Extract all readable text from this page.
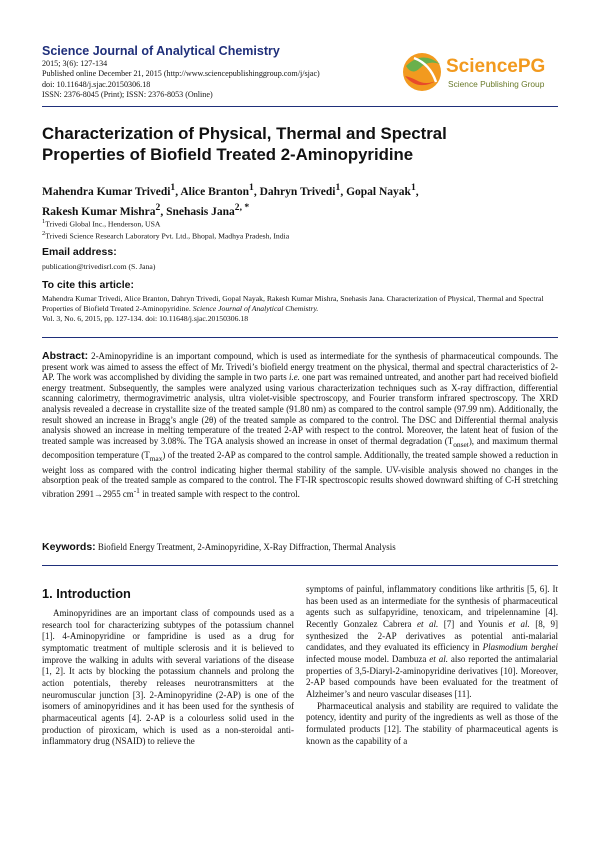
Science Journal of Analytical Chemistry
2015; 3(6): 127-134
Published online December 21, 2015 (http://www.sciencepublishinggroup.com/j/sjac)
doi: 10.11648/j.sjac.20150306.18
ISSN: 2376-8045 (Print); ISSN: 2376-8053 (Online)
SciencePG
Science Publishing Group
Characterization of Physical, Thermal and Spectral
Properties of Biofield Treated 2-Aminopyridine
Mahendra Kumar Trivedi$^1$, Alice Branton$^1$, Dahryn Trivedi$^1$, Gopal Nayak$^1$,
Rakesh Kumar Mishra$^2$, Snehasis Jana$^{2, *}$
$^1$Trivedi Global Inc., Henderson, USA
$^2$Trivedi Science Research Laboratory Pvt. Ltd., Bhopal, Madhya Pradesh, India
Email address:
publication@trivedisrl.com (S. Jana)
To cite this article:
Mahendra Kumar Trivedi, Alice Branton, Dahryn Trivedi, Gopal Nayak, Rakesh Kumar Mishra, Snehasis Jana. Characterization of Physical, Thermal and Spectral Properties of Biofield Treated 2-Aminopyridine. Science Journal of Analytical Chemistry.
Vol. 3, No. 6, 2015, pp. 127-134. doi: 10.11648/j.sjac.20150306.18
Abstract: 2-Aminopyridine is an important compound, which is used as intermediate for the synthesis of pharmaceutical compounds. The present work was aimed to assess the effect of Mr. Trivedi’s biofield energy treatment on the physical, thermal and spectral characteristics of 2-AP. The work was accomplished by dividing the sample in two parts i.e. one part was remained untreated, and another part had received biofield energy treatment. Subsequently, the samples were analyzed using various characterization techniques such as X-ray diffraction, differential scanning calorimetry, thermogravimetric analysis, ultra violet-visible spectroscopy, and Fourier transform infrared spectroscopy. The XRD analysis revealed a decrease in crystallite size of the treated sample (91.80 nm) as compared to the control sample (97.99 nm). Additionally, the result showed an increase in Bragg’s angle (2θ) of the treated sample as compared to the control. The DSC and Differential thermal analysis analysis showed an increase in melting temperature of the treated 2-AP with respect to the control. Moreover, the latent heat of fusion of the treated sample was increased by 3.08%. The TGA analysis showed an increase in onset of thermal degradation $(T_{onset})$, and maximum thermal decomposition temperature $(T_{max})$ of the treated 2-AP as compared to the control sample. Additionally, the treated sample showed a reduction in weight loss as compared with the control indicating higher thermal stability of the sample. UV-visible analysis showed no changes in the absorption peak of the treated sample as compared to the control. The FT-IR spectroscopic results showed downward shifting of C-H stretching vibration 2991→2955 $cm^{-1}$ in treated sample with respect to the control.
Keywords: Biofield Energy Treatment, 2-Aminopyridine, X-Ray Diffraction, Thermal Analysis
1. Introduction

Aminopyridines are an important class of compounds used as a research tool for characterizing subtypes of the potassium channel [1]. 4-Aminopyridine or fampridine is used as a drug for symptomatic treatment of multiple sclerosis and it is believed to improve the walking in adults with several variations of the disease [1, 2]. It acts by blocking the potassium channels and prolong the action potentials, thereby releases neurotransmitters at the neuromuscular junction [3]. 2-Aminopyridine (2-AP) is one of the isomers of aminopyridines and it has been used for the synthesis of pharmaceutical agents [4]. 2-AP is a colourless solid used in the production of piroxicam, which is used as a non-steroidal anti-inflammatory drug (NSAID) to relieve the

symptoms of painful, inflammatory conditions like arthritis [5, 6]. It has been used as an intermediate for the synthesis of pharmaceutical agents such as sulfapyridine, tenoxicam, and tripelennamine [4]. Recently Gonzalez Cabrera et al. [7] and Younis et al. [8, 9] synthesized the 2-AP derivatives as potential anti-malarial candidates, and they evaluated its efficiency in Plasmodium berghei infected mouse model. Dambuza et al. also reported the antimalarial properties of 3,5-Diaryl-2-aminopyridine derivatives [10]. Moreover, 2-AP based compounds have been evaluated for the treatment of Alzheimer’s and neuro vascular diseases [11].

Pharmaceutical analysis and stability are required to validate the potency, identity and purity of the ingredients as well as those of the formulated products [12]. The stability of pharmaceutical agents is known as the capability of a
